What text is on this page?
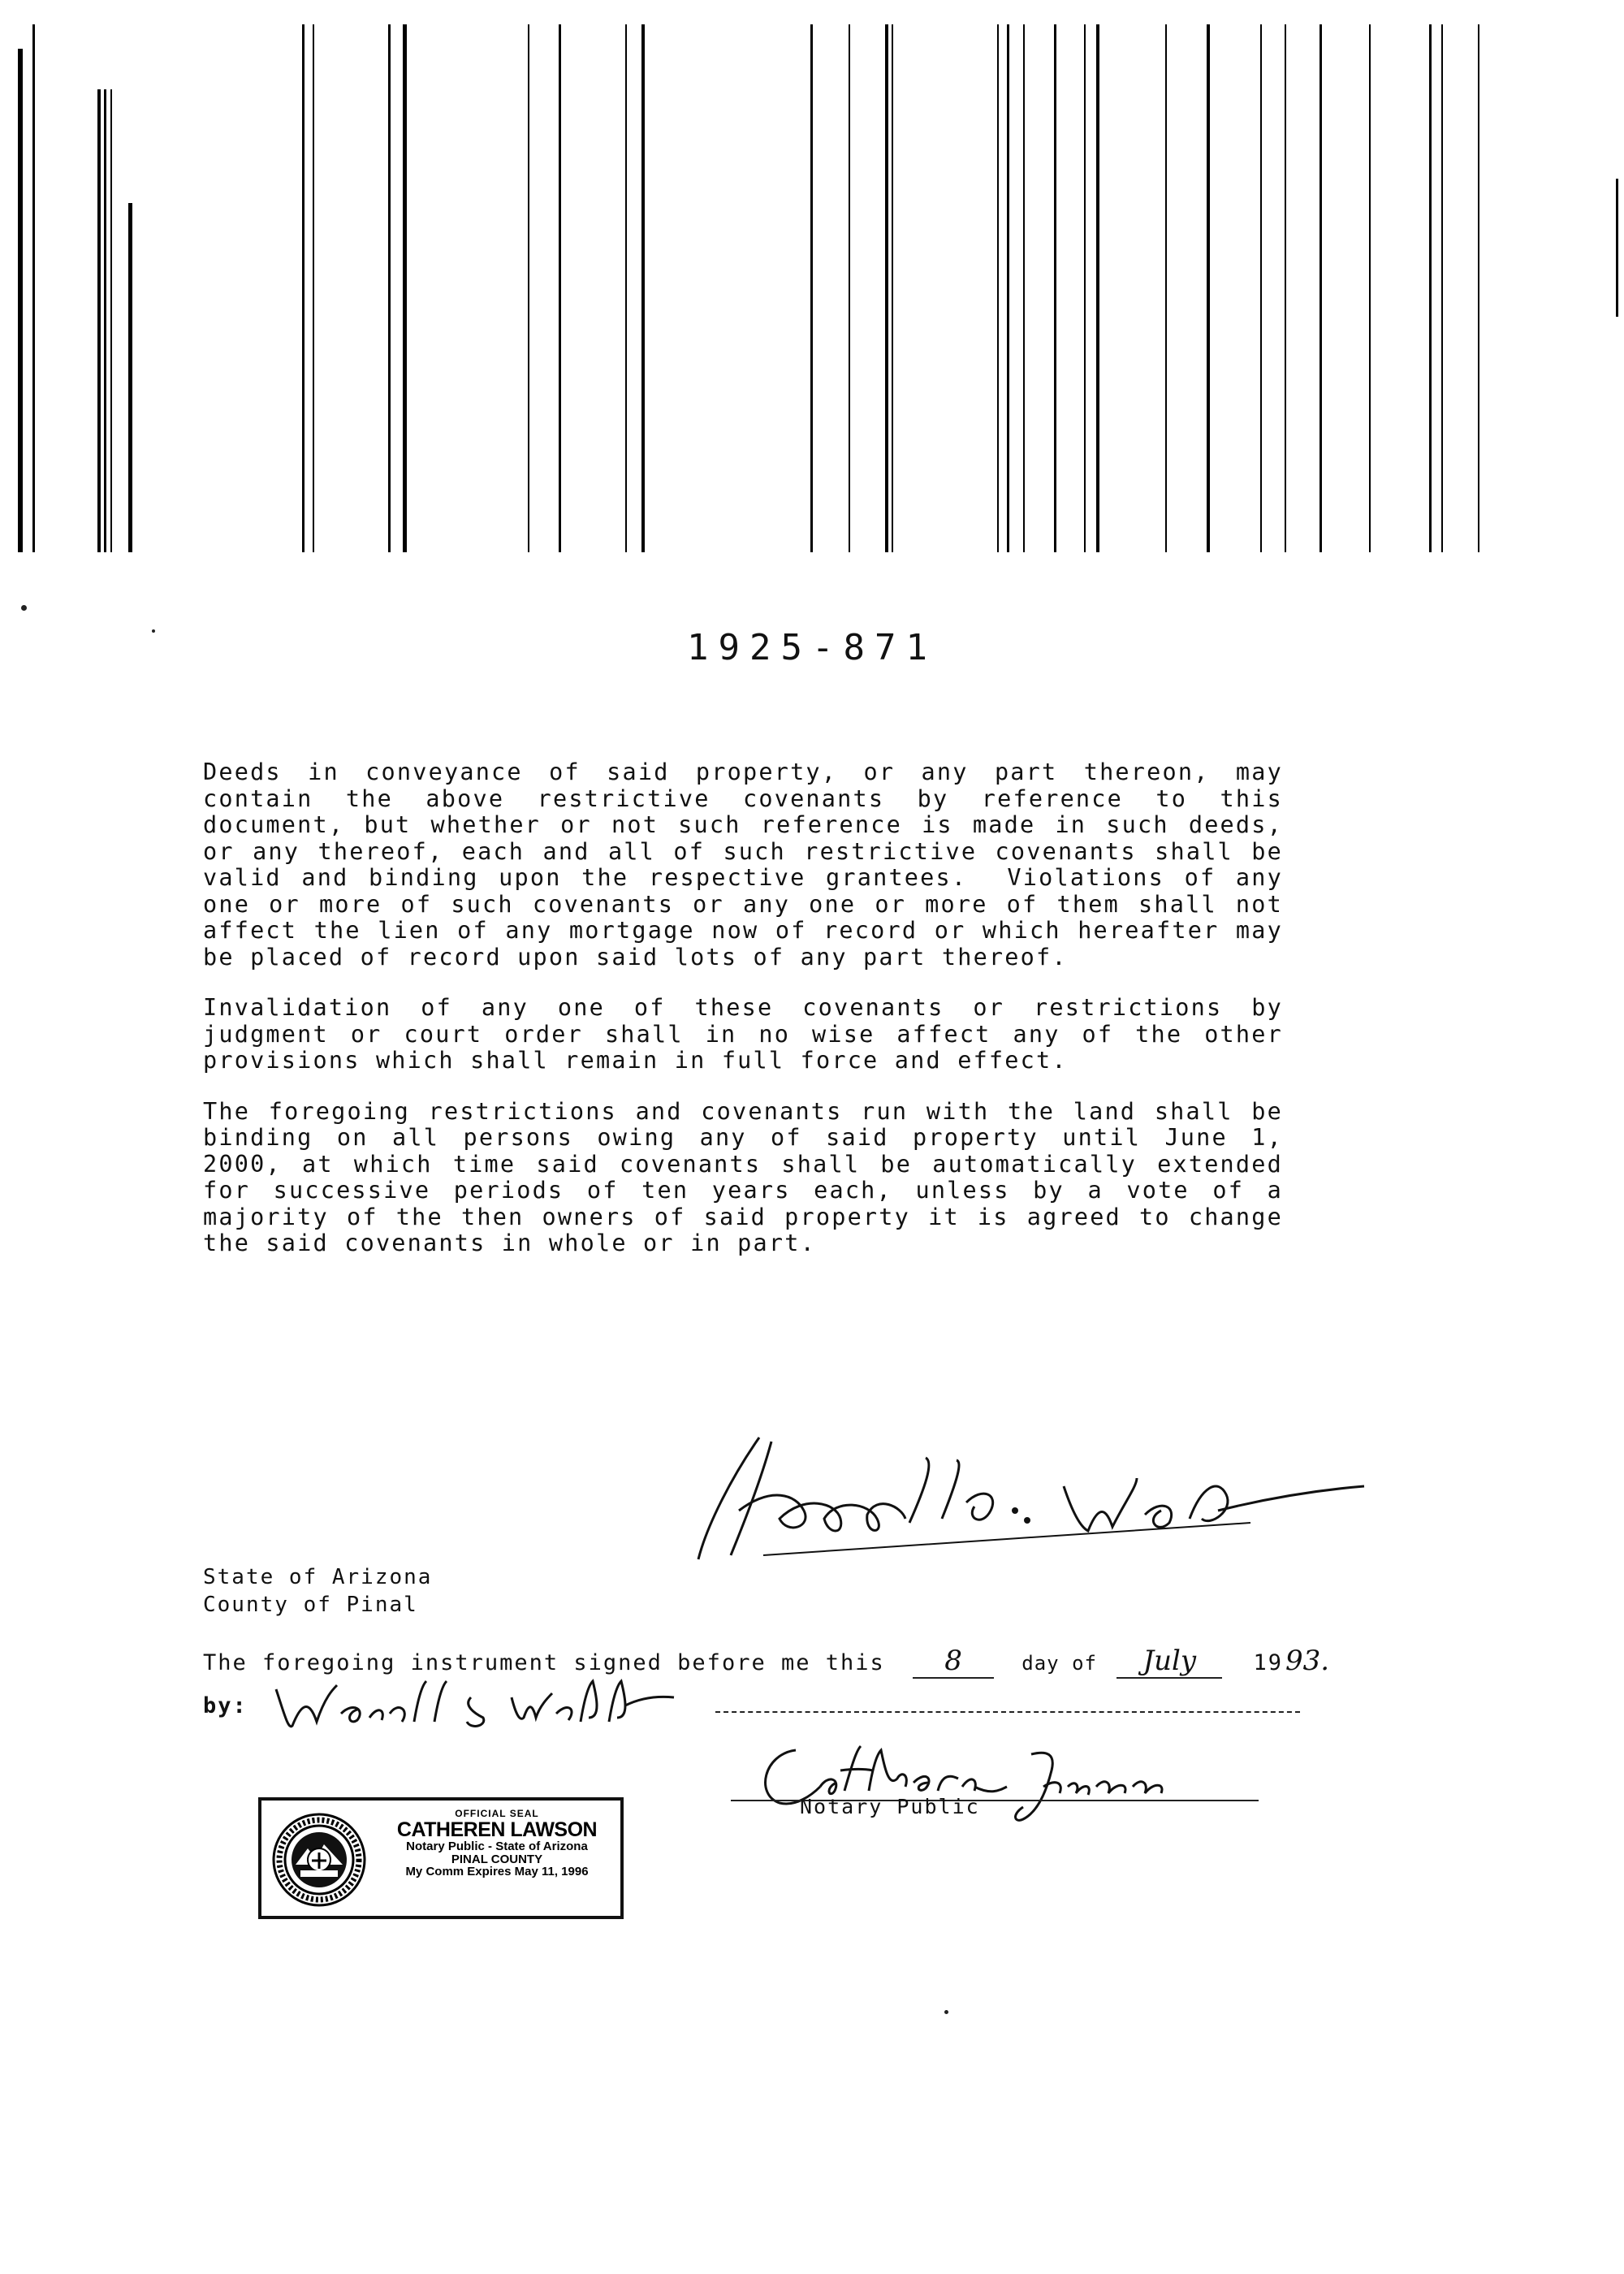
1925-871

Deeds in conveyance of said property, or any part thereon, may contain the above restrictive covenants by reference to this document, but whether or not such reference is made in such deeds, or any thereof, each and all of such restrictive covenants shall be valid and binding upon the respective grantees.  Violations of any one or more of such covenants or any one or more of them shall not affect the lien of any mortgage now of record or which hereafter may be placed of record upon said lots of any part thereof.

Invalidation of any one of these covenants or restrictions by judgment or court order shall in no wise affect any of the other provisions which shall remain in full force and effect.

The foregoing restrictions and covenants run with the land shall be binding on all persons owing any of said property until June 1, 2000, at which time said covenants shall be automatically extended for successive periods of ten years each, unless by a vote of a majority of the then owners of said property it is agreed to change the said covenants in whole or in part.

State of Arizona
County of Pinal
The foregoing instrument signed before me this 8	day of July	1993.
by:
Notary Public
OFFICIAL SEAL
CATHEREN LAWSON
Notary Public - State of Arizona
PINAL COUNTY
My Comm Expires May 11, 1996
